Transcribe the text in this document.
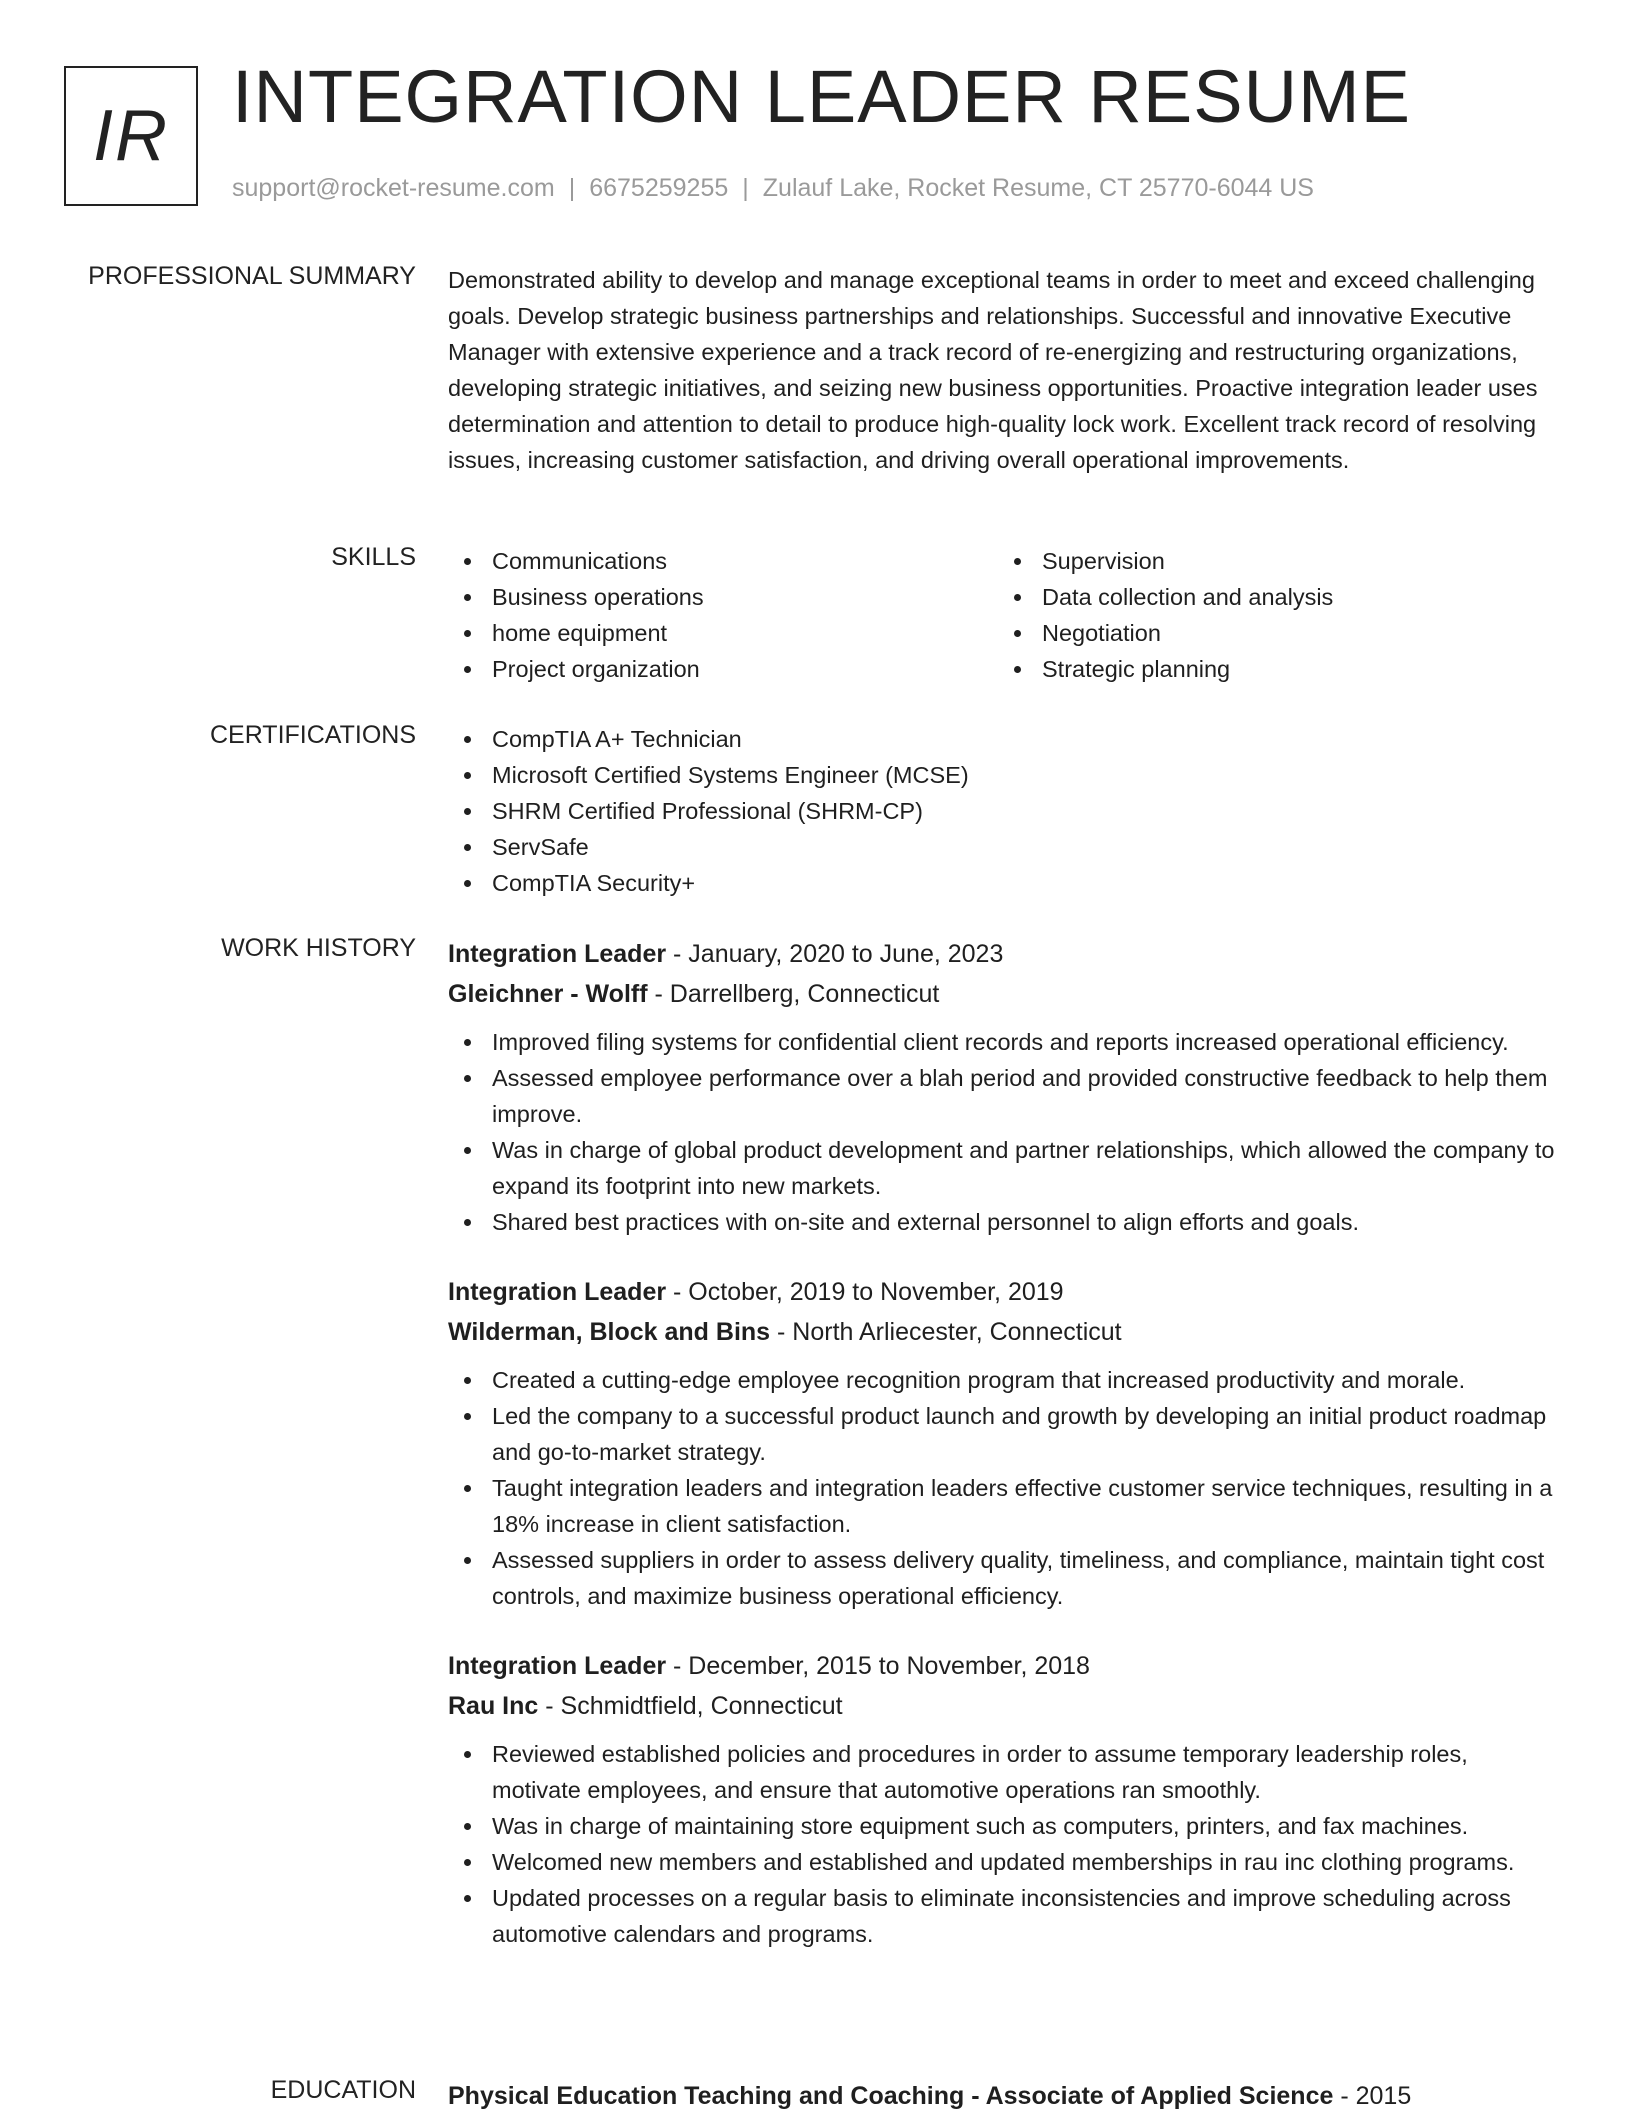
IR INTEGRATION LEADER RESUME
support@rocket-resume.com | 6675259255 | Zulauf Lake, Rocket Resume, CT 25770-6044 US
PROFESSIONAL SUMMARY Demonstrated ability to develop and manage exceptional teams in order to meet and exceed challenging goals. Develop strategic business partnerships and relationships. Successful and innovative Executive Manager with extensive experience and a track record of re-energizing and restructuring organizations, developing strategic initiatives, and seizing new business opportunities. Proactive integration leader uses determination and attention to detail to produce high-quality lock work. Excellent track record of resolving issues, increasing customer satisfaction, and driving overall operational improvements.

SKILLS	Communications
Business operations
home equipment
Project organization
Supervision
Data collection and analysis
Negotiation
Strategic planning
CERTIFICATIONS	CompTIA A+ Technician
Microsoft Certified Systems Engineer (MCSE)
SHRM Certified Professional (SHRM-CP)
ServSafe
CompTIA Security+
WORK HISTORY Integration Leader - January, 2020 to June, 2023
Gleichner - Wolff - Darrellberg, Connecticut
Improved filing systems for confidential client records and reports increased operational efficiency.
Assessed employee performance over a blah period and provided constructive feedback to help them improve.
Was in charge of global product development and partner relationships, which allowed the company to expand its footprint into new markets.
Shared best practices with on-site and external personnel to align efforts and goals.
Integration Leader - October, 2019 to November, 2019
Wilderman, Block and Bins - North Arliecester, Connecticut
Created a cutting-edge employee recognition program that increased productivity and morale.
Led the company to a successful product launch and growth by developing an initial product roadmap and go-to-market strategy.
Taught integration leaders and integration leaders effective customer service techniques, resulting in a 18% increase in client satisfaction.
Assessed suppliers in order to assess delivery quality, timeliness, and compliance, maintain tight cost controls, and maximize business operational efficiency.
Integration Leader - December, 2015 to November, 2018
Rau Inc - Schmidtfield, Connecticut
Reviewed established policies and procedures in order to assume temporary leadership roles, motivate employees, and ensure that automotive operations ran smoothly.
Was in charge of maintaining store equipment such as computers, printers, and fax machines.
Welcomed new members and established and updated memberships in rau inc clothing programs.
Updated processes on a regular basis to eliminate inconsistencies and improve scheduling across automotive calendars and programs.
EDUCATION Physical Education Teaching and Coaching - Associate of Applied Science - 2015
